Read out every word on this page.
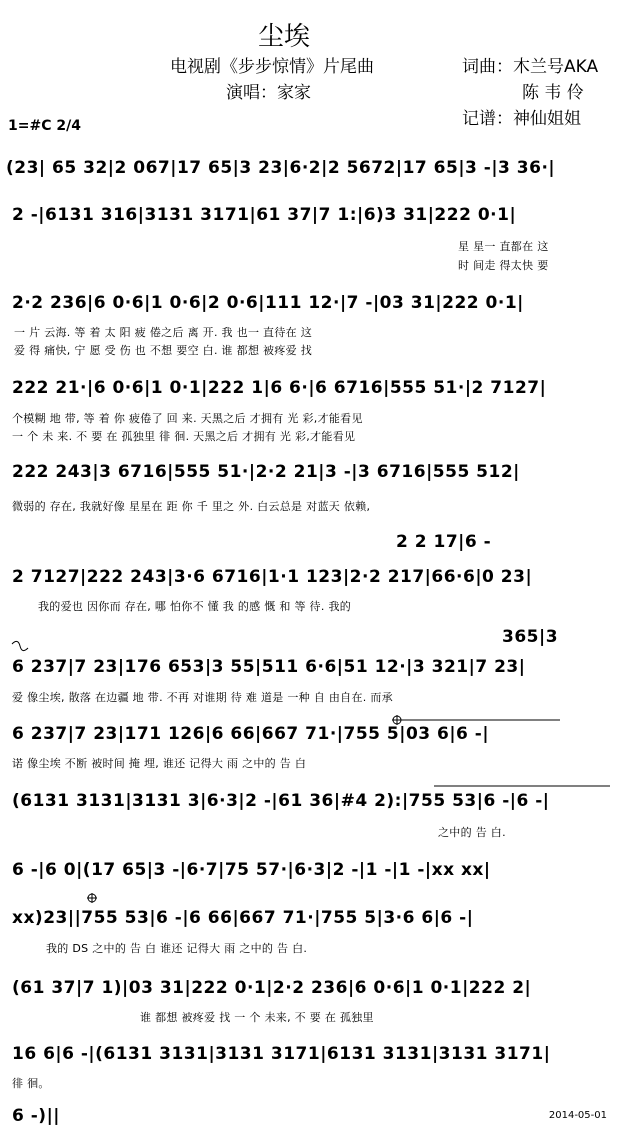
尘埃
电视剧《步步惊情》片尾曲	词曲：木兰号AKA
演唱：家家	陈 韦 伶
记谱：神仙姐姐
1=#C 2/4
(23| 65 32|2 067|17 65|3 23|6·2|2 5672|17 65|3 -|3 36·|
2 -|6131 316|3131 3171|61 37|7 1:|6)3 31|222 0·1|
星 星一 直都在 这
时 间走 得太快 要
2·2 236|6 0·6|1 0·6|2 0·6|111 12·|7 -|03 31|222 0·1|
一 片 云海. 等 着 太 阳 疲 倦之后 离 开. 我 也一 直待在 这
爱 得 痛快, 宁 愿 受 伤 也 不想 要空 白. 谁 都想 被疼爱 找
222 21·|6 0·6|1 0·1|222 1|6 6·|6 6716|555 51·|2 7127|
个模糊 地 带, 等 着 你 疲倦了 回 来. 天黑之后 才拥有 光 彩,才能看见
一 个 未 来. 不 要 在 孤独里 徘 徊. 天黑之后 才拥有 光 彩,才能看见
222 243|3 6716|555 51·|2·2 21|3 -|3 6716|555 512|
微弱的 存在, 我就好像 星星在 距 你 千 里之 外. 白云总是 对蓝天 依赖,
2 2 17|6 -
2 7127|222 243|3·6 6716|1·1 123|2·2 217|66·6|0 23|
我的爱也 因你而 存在, 哪 怕你不 懂 我 的感 慨 和 等 待. 我的
365|3
6 237|7 23|176 653|3 55|511 6·6|51 12·|3 321|7 23|
爱 像尘埃, 散落 在边疆 地 带. 不再 对谁期 待 难 道是 一种 自 由自在. 而承
6 237|7 23|171 126|6 66|667 71·|755 5|03 6|6 -|
诺 像尘埃 不断 被时间 掩 埋, 谁还 记得大 雨 之中的 告 白
(6131 3131|3131 3|6·3|2 -|61 36|#4 2):|755 53|6 -|6 -|
之中的 告 白.
6 -|6 0|(17 65|3 -|6·7|75 57·|6·3|2 -|1 -|1 -|xx xx|
xx)23||755 53|6 -|6 66|667 71·|755 5|3·6 6|6 -|
我的 DS 之中的 告 白 谁还 记得大 雨 之中的 告 白.
(61 37|7 1)|03 31|222 0·1|2·2 236|6 0·6|1 0·1|222 2|
谁 都想 被疼爱 找 一 个 未来, 不 要 在 孤独里
16 6|6 -|(6131 3131|3131 3171|6131 3131|3131 3171|
徘 徊。
6 -)||	2014-05-01
